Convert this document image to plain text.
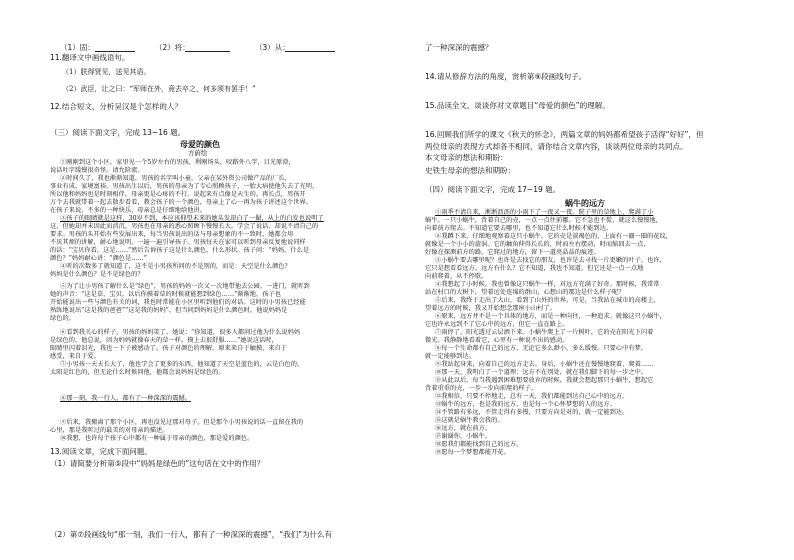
（1）固：	（2）将：	（3）从：
11.翻译文中画线语句。
（1）朕得贤见，送见其语。
（2）武臣，让之曰：“军师在外，竟去卒之，何多须有罢手！”
12.结合短文，分析吴汉是个怎样的人？
（三）阅读下面文字，完成 13~16 题。
母爱的颜色
方蔚绘
①刚刚到这个小区，家里见一个5岁左右的男孩，利刚场头，咬路外八字，目光原澄，
说话吐字缓慢很奇怪。请允阶流。
②时间久了，我也渐渐知道，男孩的名字叫小童，父亲在某外资公司做产品的厂长，
事业有成。家境富裕。男孩出生以后，男孩的母亲为了专心照顾孩子，一胎大病使他失去了光明，
所以他和妈妈也是时刻相伴，母亲更是心疼的不行。说起来有点像是天生的。再长点，男孩开
万个去我就带着一起去散步看看，教会孩子的一个颜色，母亲上了心一再为孩子讲述这个世界。
在孩子来说，不多的一种快乐，母亲总是仔细地给他讲。
③孩子的眼睛就是这样，30岁不到，本应该仰望未来的她头发却白了一撮，从上的白发也说明了
这，但她却并未因此而消沉，男孩也在母亲的悉心照顾下慢慢长大。学会了说话，却说不清自己的
要求。男孩的头开始有些发展出来，每当男孩说出的话与母亲想象的不一致时，她都会用
不厌其烦的讲解，耐心地说明，一遍一遍引导孩子。男孩每天在家可以听到母亲反复地说同样
的话：“宝贝你看，这是……”然后告诉孩子这是什么颜色，什么形状。孩子问：“妈妈，什么是
颜色？”妈妈耐心讲：“颜色是……”
④听的次数多了就知道了，这不是小男孩所问的不是别的，而是：天空是什么颜色？
妈妈是什么颜色？是不是绿色的？
⑤为了让小男孩了解什么是“绿色”，男孩的妈妈一次又一次地带他去公园。一进门，就听到
她的声音：“这是草，宝贝，以后你摸着草的时候就能想到绿色……”渐渐地，孩子也
开始能说出一些与颜色有关的词，我也时常能在小区里听到他们的对话。这时的小男孩已经能
熟练地说出“这是我的爸爸”“这是我的妈妈”，但当问到妈妈是什么颜色时，他说妈妈是
绿色的。
⑥看到我关心的样子，男孩的妈妈笑了。她说：“你知道，很多人都问过他为什么说妈妈
是绿色的，他总说，因为妈妈就像春天的草一样，摸上去很舒服……”她说这话时，
眼睛里闪着泪光，我也一下子被感动了。孩子对颜色的理解，原来来自于触摸，来自于
感受，来自于爱。
⑦小男孩一天天长大了，他也学会了更多的东西，他知道了天空是蓝色的，云是白色的，
太阳是红色的，但无论什么时候问他，他都会说妈妈是绿色的。
⑧那一刻，我一行人，都有了一种深深的震撼。
⑨后来，我搬离了那个小区，再也没见过那对母子。但是那个小男孩说的话一直留在我的
心里，那是我听过的最美的对母亲的描述。
⑩我想，也许每个孩子心中都有一种属于母亲的颜色，那是爱的颜色。
13.阅读文章，完成下面问题。
（1）请简要分析第⑤段中“妈妈是绿色的”这句话在文中的作用？
（2）第⑦段画线句“那一刻，我们一行人，都有了一种深深的震撼”，“我们”为什么有
了一种深深的震撼？
14.请从修辞方法的角度，赏析第⑨段画线句子。
15.品读全文，谈谈你对文章题目“母爱的颜色”的理解。
16.回顾我们所学的课文《秋天的怀念》，两篇文章的妈妈都希望孩子活得“好好”，但
两位母亲的表现方式却各不相同，请你结合文章内容，谈谈两位母亲的共同点。
本文母亲的想法和期盼：
史铁生母亲的想法和期盼：
（四）阅读下面文字，完成 17~19 题。
蜗牛的远方
①雨季不请自来，淅淅沥沥的小雨下了一夜又一夜。院子里的草地上，爬满了小
蜗牛。一只小蜗牛，背着自己的壳，一点一点往前挪。它不急也不慌，就这么慢慢地，
向着前方爬去。不知道它要去哪里，也不知道它什么时候才能到达。
②我蹲下来，仔细地观察着这只小蜗牛。它的壳是淡褐色的，上面有一圈一圈的花纹，
就像是一个小小的旋涡。它的触角伸得长长的，时而左右摆动，时而缩回去一点，
好像在探测前方的路。它爬过的地方，留下一道亮晶晶的痕迹。
③小蜗牛要去哪里呢？也许是去找它的朋友，也许是去寻找一片更嫩的叶子，也许，
它只是想看看远方。远方有什么？它不知道，我也不知道。但它还是一点一点地
向前爬着，从不停歇。
④我想起了小时候，我也曾像这只蜗牛一样，对远方充满了好奇。那时候，我常常
站在村口的大树下，望着远处连绵的群山，心想山的那边是什么样子呢？
⑤后来，我终于走出了大山，看到了山外的世界。可是，当我站在城市的高楼上，
望着远方的时候，我又开始想念那座小山村了。
⑥原来，远方并不是一个具体的地方，而是一种向往，一种追求。就像这只小蜗牛，
它也许永远到不了它心中的远方，但它一直在路上。
⑦雨停了，阳光透过云层洒下来。小蜗牛爬上了一片树叶，它的壳在阳光下闪着
微光。我静静地看着它，心里有一种说不出的感动。
⑧每一个生命都有自己的远方，无论它多么渺小，多么缓慢。只要心中有梦，
就一定能够到达。
⑨我站起身来，向着自己的远方走去。身后，小蜗牛还在慢慢地爬着，爬着……
⑩那一天，我明白了一个道理：远方不在别处，就在我们脚下的每一步之中。
⑪从此以后，每当我遇到困难想要放弃的时候，我就会想起那只小蜗牛，想起它
背着重重的壳，一步一步向前爬的样子。
⑫我相信，只要不停地走，总有一天，我们都能到达自己心中的远方。
⑬蜗牛的远方，也是我的远方，也是每一个心怀梦想的人的远方。
⑭不管路有多远，不管走得有多慢，只要方向是对的，就一定能到达。
⑮这就是蜗牛教会我的。
⑯远方，就在前方。
⑰谢谢你，小蜗牛。
⑱愿我们都能找到自己的远方。
⑲愿每一个梦想都能开花。
